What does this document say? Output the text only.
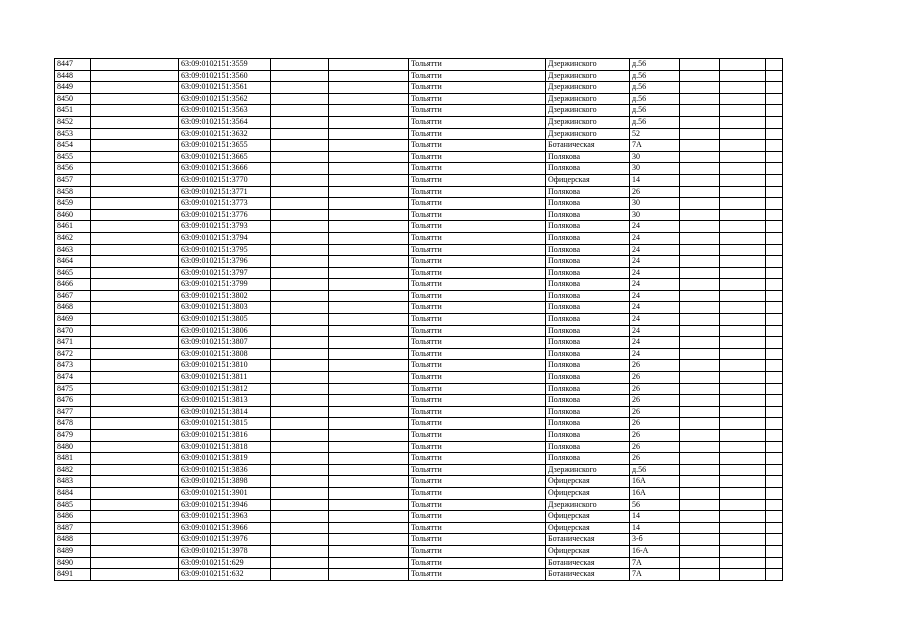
8447		63:09:0102151:3559			Тольятти	Дзержинского	д.56			
8448		63:09:0102151:3560			Тольятти	Дзержинского	д.56			
8449		63:09:0102151:3561			Тольятти	Дзержинского	д.56			
8450		63:09:0102151:3562			Тольятти	Дзержинского	д.56			
8451		63:09:0102151:3563			Тольятти	Дзержинского	д.56			
8452		63:09:0102151:3564			Тольятти	Дзержинского	д.56			
8453		63:09:0102151:3632			Тольятти	Дзержинского	52			
8454		63:09:0102151:3655			Тольятти	Ботаническая	7А			
8455		63:09:0102151:3665			Тольятти	Полякова	30			
8456		63:09:0102151:3666			Тольятти	Полякова	30			
8457		63:09:0102151:3770			Тольятти	Офицерская	14			
8458		63:09:0102151:3771			Тольятти	Полякова	26			
8459		63:09:0102151:3773			Тольятти	Полякова	30			
8460		63:09:0102151:3776			Тольятти	Полякова	30			
8461		63:09:0102151:3793			Тольятти	Полякова	24			
8462		63:09:0102151:3794			Тольятти	Полякова	24			
8463		63:09:0102151:3795			Тольятти	Полякова	24			
8464		63:09:0102151:3796			Тольятти	Полякова	24			
8465		63:09:0102151:3797			Тольятти	Полякова	24			
8466		63:09:0102151:3799			Тольятти	Полякова	24			
8467		63:09:0102151:3802			Тольятти	Полякова	24			
8468		63:09:0102151:3803			Тольятти	Полякова	24			
8469		63:09:0102151:3805			Тольятти	Полякова	24			
8470		63:09:0102151:3806			Тольятти	Полякова	24			
8471		63:09:0102151:3807			Тольятти	Полякова	24			
8472		63:09:0102151:3808			Тольятти	Полякова	24			
8473		63:09:0102151:3810			Тольятти	Полякова	26			
8474		63:09:0102151:3811			Тольятти	Полякова	26			
8475		63:09:0102151:3812			Тольятти	Полякова	26			
8476		63:09:0102151:3813			Тольятти	Полякова	26			
8477		63:09:0102151:3814			Тольятти	Полякова	26			
8478		63:09:0102151:3815			Тольятти	Полякова	26			
8479		63:09:0102151:3816			Тольятти	Полякова	26			
8480		63:09:0102151:3818			Тольятти	Полякова	26			
8481		63:09:0102151:3819			Тольятти	Полякова	26			
8482		63:09:0102151:3836			Тольятти	Дзержинского	д.56			
8483		63:09:0102151:3898			Тольятти	Офицерская	16А			
8484		63:09:0102151:3901			Тольятти	Офицерская	16А			
8485		63:09:0102151:3946			Тольятти	Дзержинского	56			
8486		63:09:0102151:3963			Тольятти	Офицерская	14			
8487		63:09:0102151:3966			Тольятти	Офицерская	14			
8488		63:09:0102151:3976			Тольятти	Ботаническая	3-б			
8489		63:09:0102151:3978			Тольятти	Офицерская	16-А			
8490		63:09:0102151:629			Тольятти	Ботаническая	7А			
8491		63:09:0102151:632			Тольятти	Ботаническая	7А			
